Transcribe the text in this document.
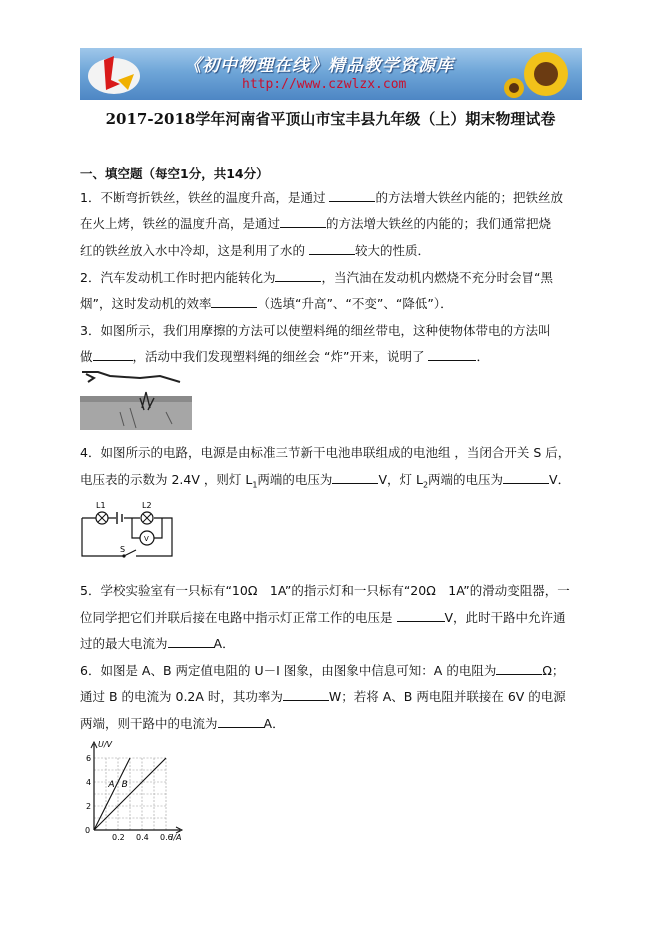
《初中物理在线》精品教学资源库
http://www.czwlzx.com
2017-2018学年河南省平顶山市宝丰县九年级（上）期末物理试卷
一、填空题（每空1分，共14分）
1．不断弯折铁丝，铁丝的温度升高，是通过	的方法增大铁丝内能的；把铁丝放
在火上烤，铁丝的温度升高，是通过	的方法增大铁丝的内能的；我们通常把烧
红的铁丝放入水中冷却，这是利用了水的	较大的性质．
2．汽车发动机工作时把内能转化为	，当汽油在发动机内燃烧不充分时会冒“黑
烟”，这时发动机的效率	（选填“升高”、“不变”、“降低”）．
3．如图所示，我们用摩擦的方法可以使塑料绳的细丝带电，这种使物体带电的方法叫
做	，活动中我们发现塑料绳的细丝会 “炸”开来，说明了	．
4．如图所示的电路，电源是由标准三节新干电池串联组成的电池组 ，当闭合开关 S 后，
电压表的示数为 2.4V ，则灯 $L_1$两端的电压为	V，灯 $L_2$两端的电压为	V．
L1	L2
V
S
5．学校实验室有一只标有“10Ω　1A”的指示灯和一只标有“20Ω　1A”的滑动变阻器，一
位同学把它们并联后接在电路中指示灯正常工作的电压是	V，此时干路中允许通
过的最大电流为	A．
6．如图是 A、B 两定值电阻的 U－I 图象，由图象中信息可知：A 的电阻为	Ω；
通过 B 的电流为 0.2A 时，其功率为	W；若将 A、B 两电阻并联接在 6V 的电源
两端，则干路中的电流为	A．
U/V
I/A
2
4
6
0
0.2 0.4 0.6
A B
